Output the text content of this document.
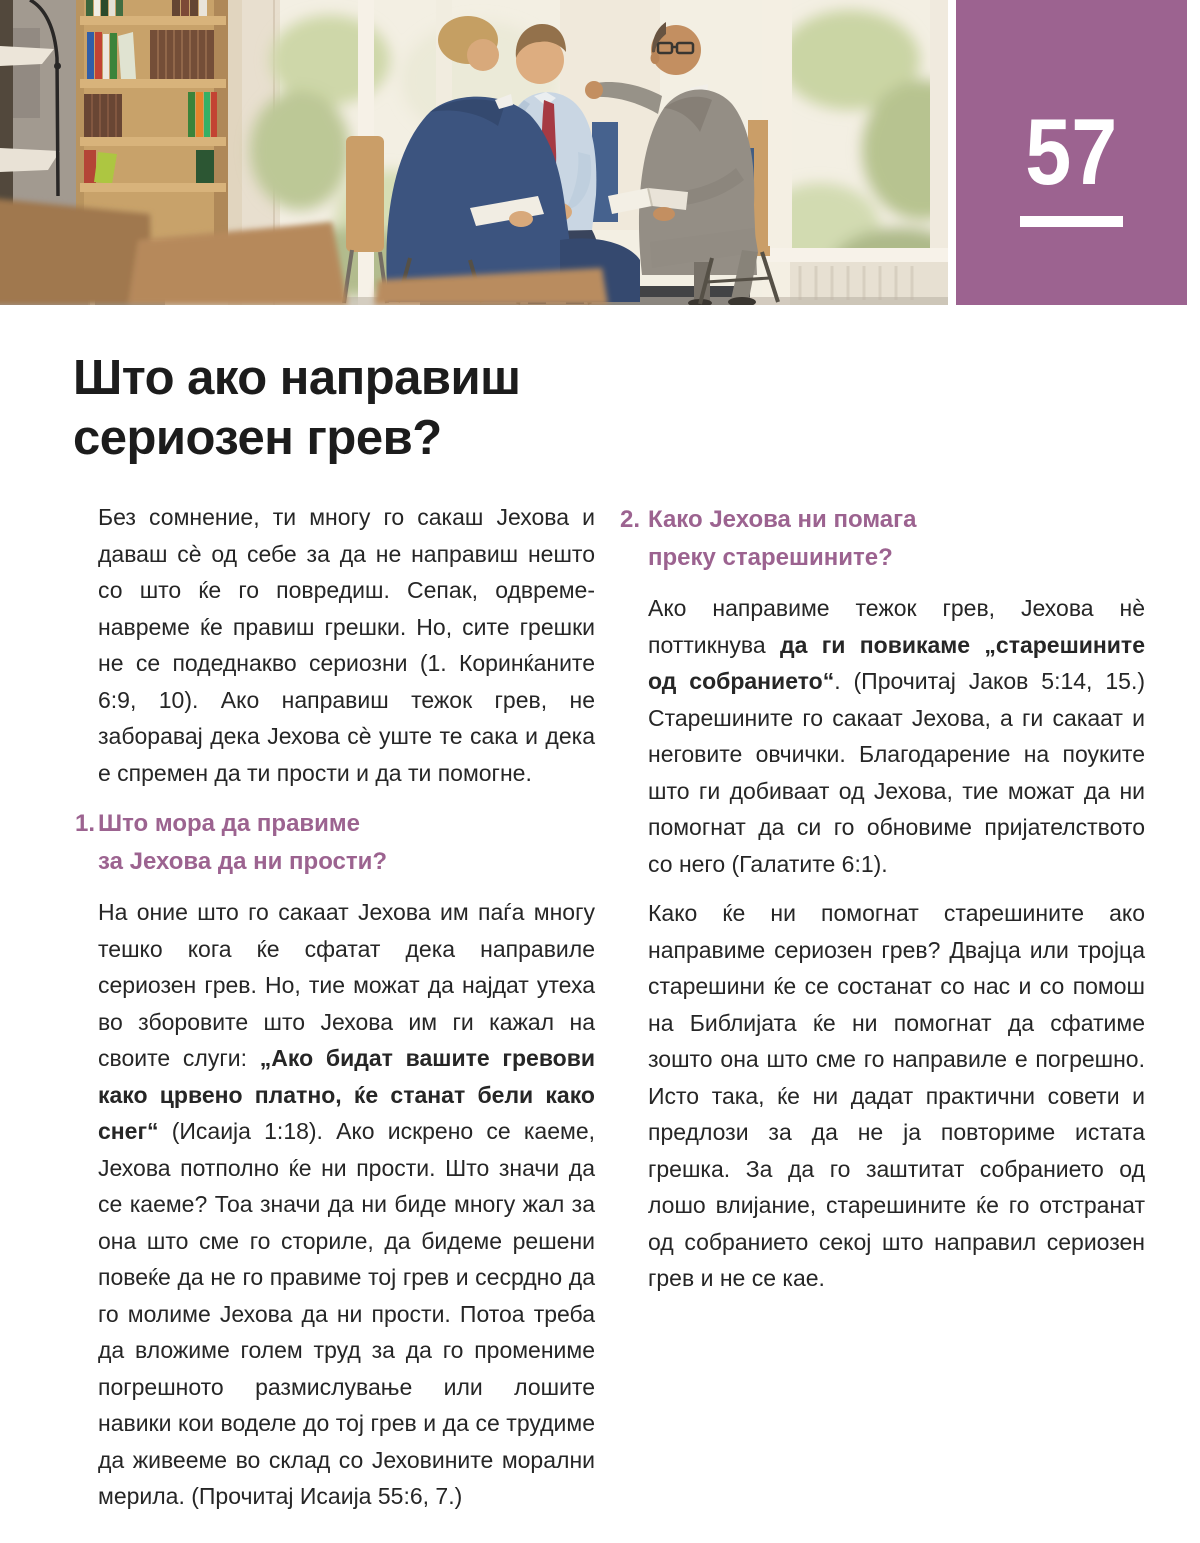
57
Што ако направиш
сериозен грев?

Без сомнение, ти многу го сакаш Јехова и даваш сѐ од себе за да не направиш нешто со што ќе го повредиш. Сепак, одвреме-навреме ќе правиш грешки. Но, сите грешки не се подеднакво сериозни (1. Коринќаните 6:9, 10). Ако направиш тежок грев, не заборавај дека Јехова сѐ уште те сака и дека е спремен да ти прости и да ти помогне.

1. Што мора да правиме
за Јехова да ни прости?

На оние што го сакаат Јехова им паѓа многу тешко кога ќе сфатат дека направиле сериозен грев. Но, тие можат да најдат утеха во зборовите што Јехова им ги кажал на своите слуги: „Ако бидат вашите гревови како црвено платно, ќе станат бели како снег“ (Исаија 1:18). Ако искрено се каеме, Јехова потполно ќе ни прости. Што значи да се каеме? Тоа значи да ни биде многу жал за она што сме го сториле, да бидеме решени повеќе да не го правиме тој грев и сесрдно да го молиме Јехова да ни прости. Потоа треба да вложиме голем труд за да го промениме погрешното размислување или лошите навики кои воделе до тој грев и да се трудиме да живееме во склад со Јеховините морални мерила. (Прочитај Исаија 55:6, 7.)

2. Како Јехова ни помага
преку старешините?

Ако направиме тежок грев, Јехова нѐ поттикнува да ги повикаме „старешините од собранието“. (Прочитај Јаков 5:14, 15.) Старешините го сакаат Јехова, а ги сакаат и неговите овчички. Благодарение на поуките што ги добиваат од Јехова, тие можат да ни помогнат да си го обновиме пријателството со него (Галатите 6:1).

Како ќе ни помогнат старешините ако направиме сериозен грев? Двајца или тројца старешини ќе се состанат со нас и со помош на Библијата ќе ни помогнат да сфатиме зошто она што сме го направиле е погрешно. Исто така, ќе ни дадат практични совети и предлози за да не ја повториме истата грешка. За да го заштитат собранието од лошо влијание, старешините ќе го отстранат од собранието секој што направил сериозен грев и не се кае.
